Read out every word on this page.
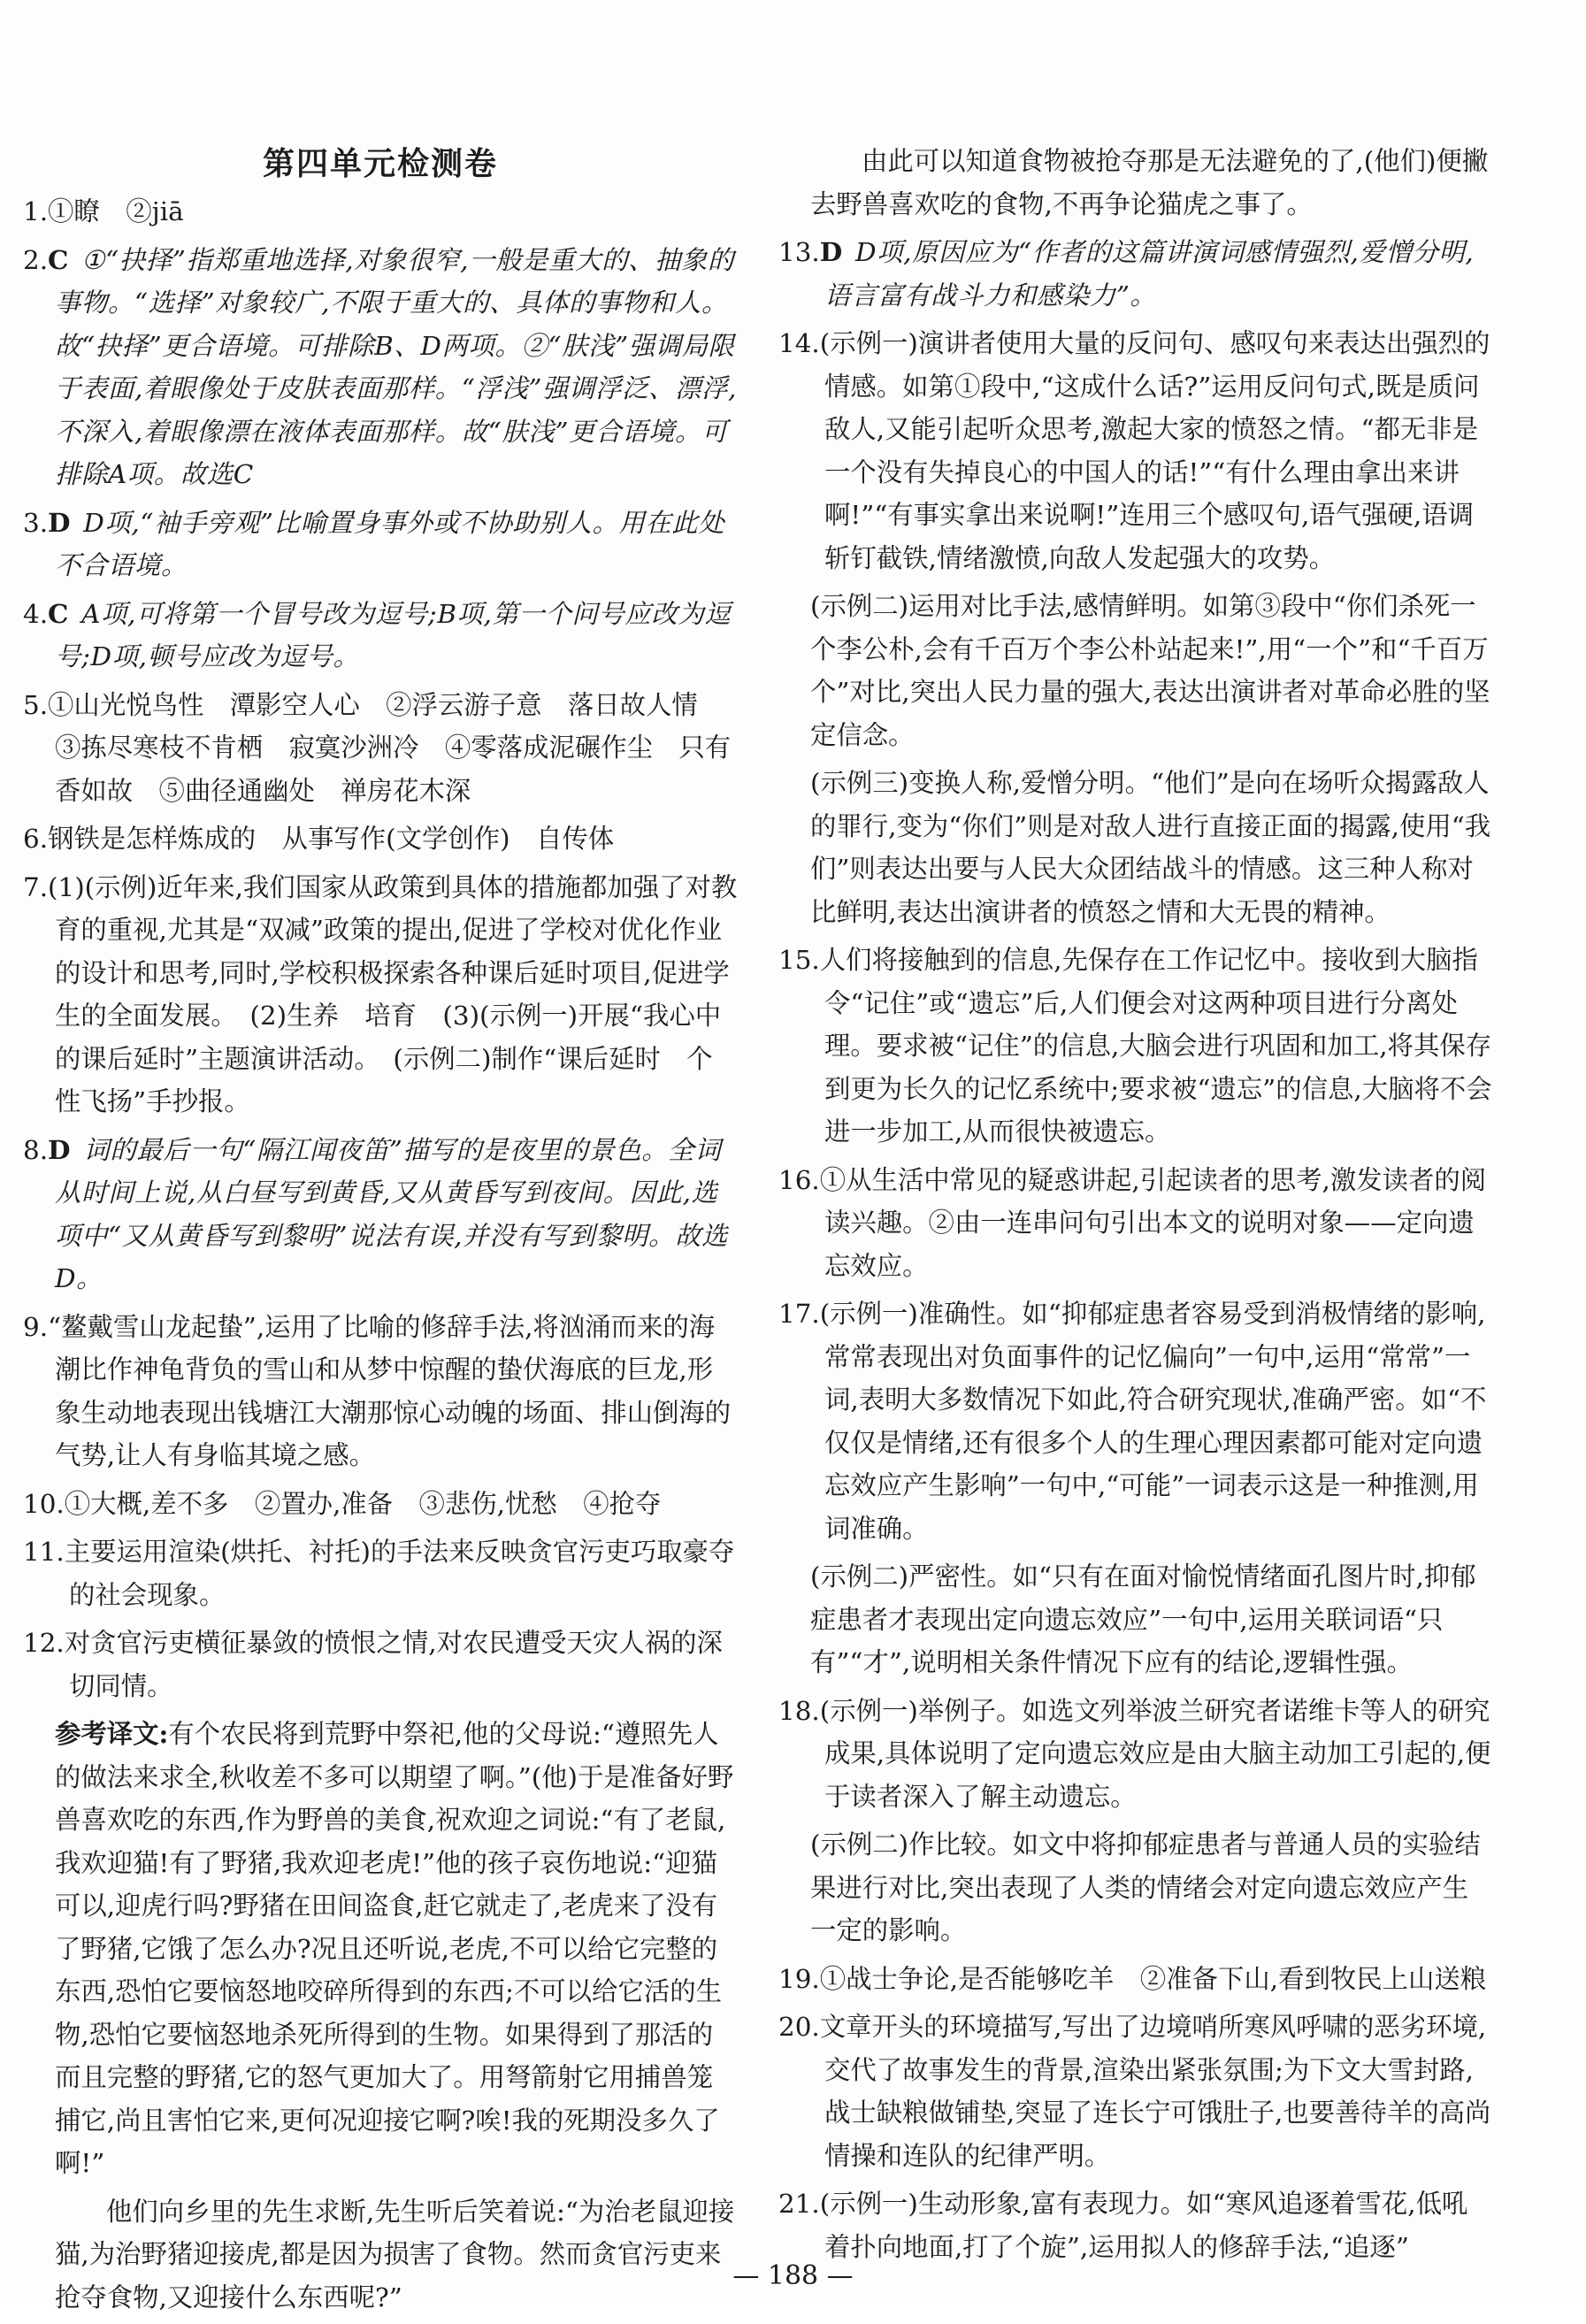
第四单元检测卷
1.①瞭　②jiā
2.C  ①“抉择”指郑重地选择,对象很窄,一般是重大的、抽象的事物。“选择”对象较广,不限于重大的、具体的事物和人。故“抉择”更合语境。可排除B、D两项。②“肤浅”强调局限于表面,着眼像处于皮肤表面那样。“浮浅”强调浮泛、漂浮,不深入,着眼像漂在液体表面那样。故“肤浅”更合语境。可排除A项。故选C
3.D  D项,“袖手旁观”比喻置身事外或不协助别人。用在此处不合语境。
4.C  A项,可将第一个冒号改为逗号;B项,第一个问号应改为逗号;D项,顿号应改为逗号。
5.①山光悦鸟性　潭影空人心　②浮云游子意　落日故人情　③拣尽寒枝不肯栖　寂寞沙洲冷　④零落成泥碾作尘　只有香如故　⑤曲径通幽处　禅房花木深
6.钢铁是怎样炼成的　从事写作(文学创作)　自传体
7.(1)(示例)近年来,我们国家从政策到具体的措施都加强了对教育的重视,尤其是“双减”政策的提出,促进了学校对优化作业的设计和思考,同时,学校积极探索各种课后延时项目,促进学生的全面发展。　(2)生养　培育　(3)(示例一)开展“我心中的课后延时”主题演讲活动。　(示例二)制作“课后延时　个性飞扬”手抄报。
8.D  词的最后一句“隔江闻夜笛”描写的是夜里的景色。全词从时间上说,从白昼写到黄昏,又从黄昏写到夜间。因此,选项中“又从黄昏写到黎明”说法有误,并没有写到黎明。故选D。
9.“鳌戴雪山龙起蛰”,运用了比喻的修辞手法,将汹涌而来的海潮比作神龟背负的雪山和从梦中惊醒的蛰伏海底的巨龙,形象生动地表现出钱塘江大潮那惊心动魄的场面、排山倒海的气势,让人有身临其境之感。
10.①大概,差不多　②置办,准备　③悲伤,忧愁　④抢夺
11.主要运用渲染(烘托、衬托)的手法来反映贪官污吏巧取豪夺的社会现象。
12.对贪官污吏横征暴敛的愤恨之情,对农民遭受天灾人祸的深切同情。
参考译文:有个农民将到荒野中祭祀,他的父母说:“遵照先人的做法来求全,秋收差不多可以期望了啊。”(他)于是准备好野兽喜欢吃的东西,作为野兽的美食,祝欢迎之词说:“有了老鼠,我欢迎猫!有了野猪,我欢迎老虎!”他的孩子哀伤地说:“迎猫可以,迎虎行吗?野猪在田间盗食,赶它就走了,老虎来了没有了野猪,它饿了怎么办?况且还听说,老虎,不可以给它完整的东西,恐怕它要恼怒地咬碎所得到的东西;不可以给它活的生物,恐怕它要恼怒地杀死所得到的生物。如果得到了那活的而且完整的野猪,它的怒气更加大了。用弩箭射它用捕兽笼捕它,尚且害怕它来,更何况迎接它啊?唉!我的死期没多久了啊!”
他们向乡里的先生求断,先生听后笑着说:“为治老鼠迎接猫,为治野猪迎接虎,都是因为损害了食物。然而贪官污吏来抢夺食物,又迎接什么东西呢?”
由此可以知道食物被抢夺那是无法避免的了,(他们)便撇去野兽喜欢吃的食物,不再争论猫虎之事了。
13.D  D项,原因应为“作者的这篇讲演词感情强烈,爱憎分明,语言富有战斗力和感染力”。
14.(示例一)演讲者使用大量的反问句、感叹句来表达出强烈的情感。如第①段中,“这成什么话?”运用反问句式,既是质问敌人,又能引起听众思考,激起大家的愤怒之情。“都无非是一个没有失掉良心的中国人的话!”“有什么理由拿出来讲啊!”“有事实拿出来说啊!”连用三个感叹句,语气强硬,语调斩钉截铁,情绪激愤,向敌人发起强大的攻势。
(示例二)运用对比手法,感情鲜明。如第③段中“你们杀死一个李公朴,会有千百万个李公朴站起来!”,用“一个”和“千百万个”对比,突出人民力量的强大,表达出演讲者对革命必胜的坚定信念。
(示例三)变换人称,爱憎分明。“他们”是向在场听众揭露敌人的罪行,变为“你们”则是对敌人进行直接正面的揭露,使用“我们”则表达出要与人民大众团结战斗的情感。这三种人称对比鲜明,表达出演讲者的愤怒之情和大无畏的精神。
15.人们将接触到的信息,先保存在工作记忆中。接收到大脑指令“记住”或“遗忘”后,人们便会对这两种项目进行分离处理。要求被“记住”的信息,大脑会进行巩固和加工,将其保存到更为长久的记忆系统中;要求被“遗忘”的信息,大脑将不会进一步加工,从而很快被遗忘。
16.①从生活中常见的疑惑讲起,引起读者的思考,激发读者的阅读兴趣。②由一连串问句引出本文的说明对象——定向遗忘效应。
17.(示例一)准确性。如“抑郁症患者容易受到消极情绪的影响,常常表现出对负面事件的记忆偏向”一句中,运用“常常”一词,表明大多数情况下如此,符合研究现状,准确严密。如“不仅仅是情绪,还有很多个人的生理心理因素都可能对定向遗忘效应产生影响”一句中,“可能”一词表示这是一种推测,用词准确。
(示例二)严密性。如“只有在面对愉悦情绪面孔图片时,抑郁症患者才表现出定向遗忘效应”一句中,运用关联词语“只有”“才”,说明相关条件情况下应有的结论,逻辑性强。
18.(示例一)举例子。如选文列举波兰研究者诺维卡等人的研究成果,具体说明了定向遗忘效应是由大脑主动加工引起的,便于读者深入了解主动遗忘。
(示例二)作比较。如文中将抑郁症患者与普通人员的实验结果进行对比,突出表现了人类的情绪会对定向遗忘效应产生一定的影响。
19.①战士争论,是否能够吃羊　②准备下山,看到牧民上山送粮
20.文章开头的环境描写,写出了边境哨所寒风呼啸的恶劣环境,交代了故事发生的背景,渲染出紧张氛围;为下文大雪封路,战士缺粮做铺垫,突显了连长宁可饿肚子,也要善待羊的高尚情操和连队的纪律严明。
21.(示例一)生动形象,富有表现力。如“寒风追逐着雪花,低吼着扑向地面,打了个旋”,运用拟人的修辞手法,“追逐”
— 188 —
